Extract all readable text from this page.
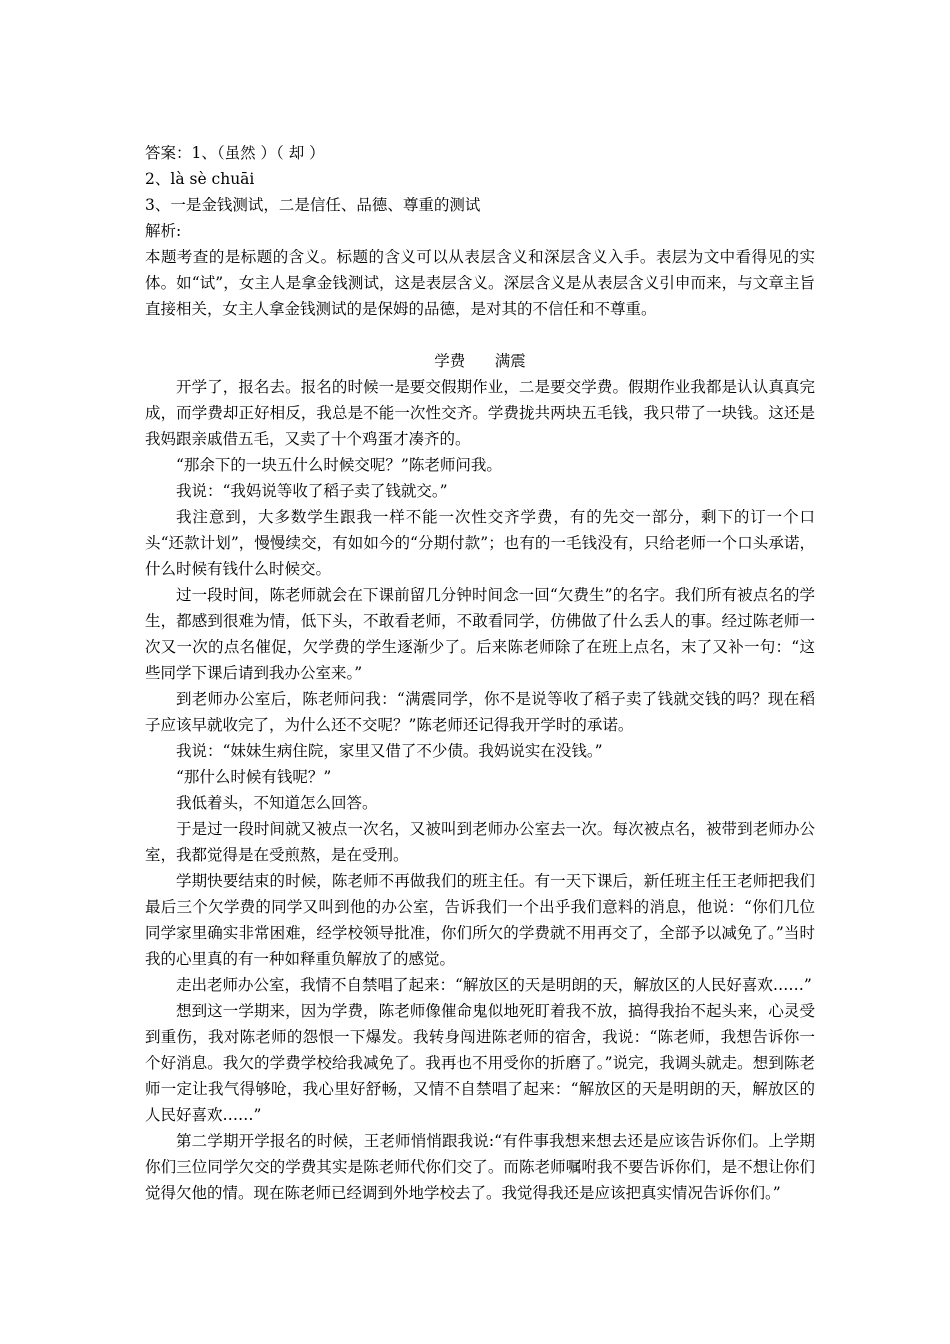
答案：1、（虽然 ）（ 却 ）

2、là sè chuāi

3、一是金钱测试，二是信任、品德、尊重的测试

解析:

本题考查的是标题的含义。标题的含义可以从表层含义和深层含义入手。表层为文中看得见的实体。如“试”，女主人是拿金钱测试，这是表层含义。深层含义是从表层含义引申而来，与文章主旨直接相关，女主人拿金钱测试的是保姆的品德，是对其的不信任和不尊重。

学费      满震

开学了，报名去。报名的时候一是要交假期作业，二是要交学费。假期作业我都是认认真真完成，而学费却正好相反，我总是不能一次性交齐。学费拢共两块五毛钱，我只带了一块钱。这还是我妈跟亲戚借五毛，又卖了十个鸡蛋才凑齐的。

“那余下的一块五什么时候交呢？”陈老师问我。

我说：“我妈说等收了稻子卖了钱就交。”

我注意到，大多数学生跟我一样不能一次性交齐学费，有的先交一部分，剩下的订一个口头“还款计划”，慢慢续交，有如如今的“分期付款”；也有的一毛钱没有，只给老师一个口头承诺，什么时候有钱什么时候交。

过一段时间，陈老师就会在下课前留几分钟时间念一回“欠费生”的名字。我们所有被点名的学生，都感到很难为情，低下头，不敢看老师，不敢看同学，仿佛做了什么丢人的事。经过陈老师一次又一次的点名催促，欠学费的学生逐渐少了。后来陈老师除了在班上点名，末了又补一句：“这些同学下课后请到我办公室来。”

到老师办公室后，陈老师问我：“满震同学，你不是说等收了稻子卖了钱就交钱的吗？现在稻子应该早就收完了，为什么还不交呢？”陈老师还记得我开学时的承诺。

我说：“妹妹生病住院，家里又借了不少债。我妈说实在没钱。”

“那什么时候有钱呢？”

我低着头，不知道怎么回答。

于是过一段时间就又被点一次名，又被叫到老师办公室去一次。每次被点名，被带到老师办公室，我都觉得是在受煎熬，是在受刑。

学期快要结束的时候，陈老师不再做我们的班主任。有一天下课后，新任班主任王老师把我们最后三个欠学费的同学又叫到他的办公室，告诉我们一个出乎我们意料的消息，他说：“你们几位同学家里确实非常困难，经学校领导批准，你们所欠的学费就不用再交了，全部予以减免了。”当时我的心里真的有一种如释重负解放了的感觉。

走出老师办公室，我情不自禁唱了起来：“解放区的天是明朗的天，解放区的人民好喜欢……”

想到这一学期来，因为学费，陈老师像催命鬼似地死盯着我不放，搞得我抬不起头来，心灵受到重伤，我对陈老师的怨恨一下爆发。我转身闯进陈老师的宿舍，我说：“陈老师，我想告诉你一个好消息。我欠的学费学校给我减免了。我再也不用受你的折磨了。”说完，我调头就走。想到陈老师一定让我气得够呛，我心里好舒畅，又情不自禁唱了起来：“解放区的天是明朗的天，解放区的人民好喜欢……”

第二学期开学报名的时候，王老师悄悄跟我说:“有件事我想来想去还是应该告诉你们。上学期你们三位同学欠交的学费其实是陈老师代你们交了。而陈老师嘱咐我不要告诉你们，是不想让你们觉得欠他的情。现在陈老师已经调到外地学校去了。我觉得我还是应该把真实情况告诉你们。”
